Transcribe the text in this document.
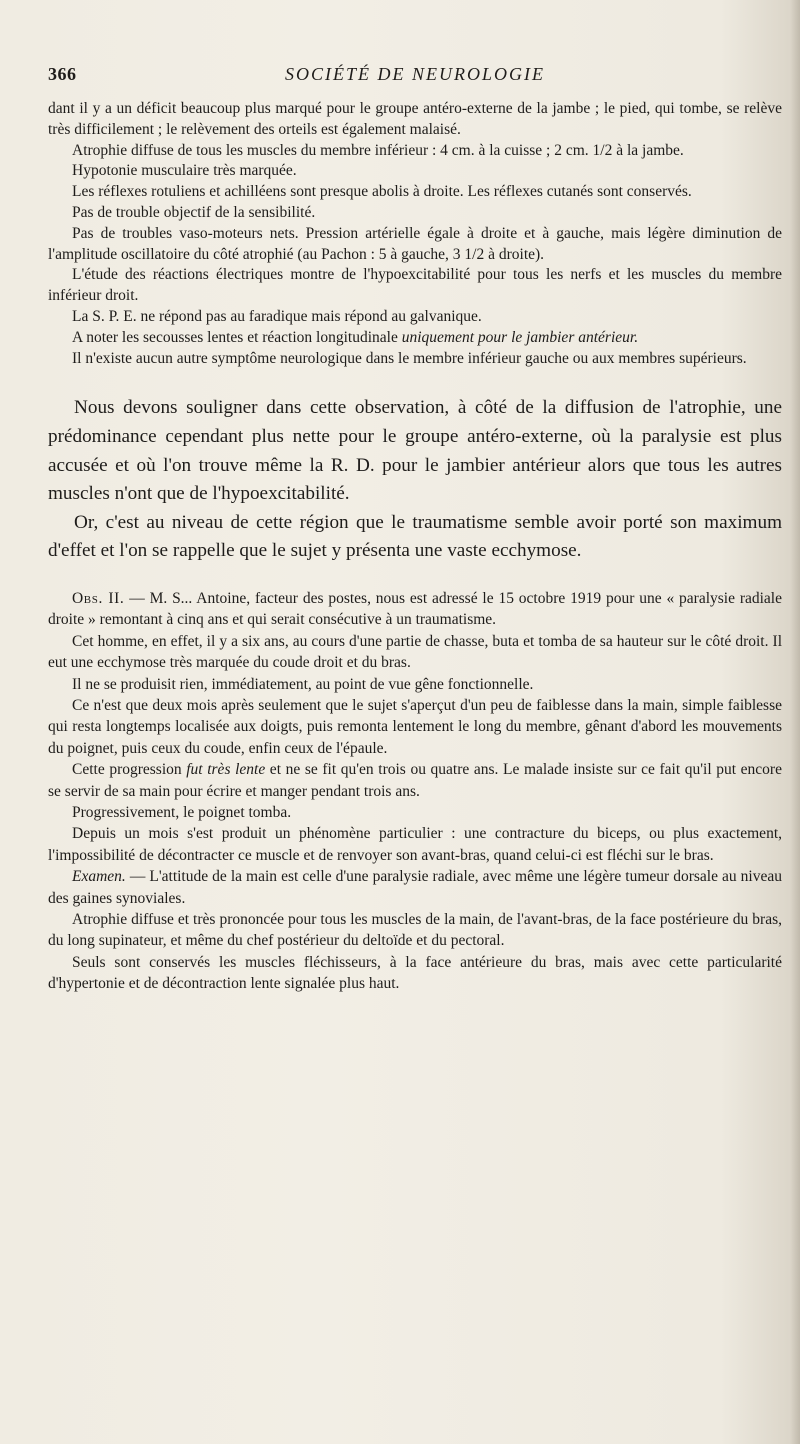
366	SOCIÉTÉ DE NEUROLOGIE

dant il y a un déficit beaucoup plus marqué pour le groupe antéro-externe de la jambe ; le pied, qui tombe, se relève très difficilement ; le relèvement des orteils est également malaisé.

Atrophie diffuse de tous les muscles du membre inférieur : 4 cm. à la cuisse ; 2 cm. 1/2 à la jambe.

Hypotonie musculaire très marquée.

Les réflexes rotuliens et achilléens sont presque abolis à droite. Les réflexes cutanés sont conservés.

Pas de trouble objectif de la sensibilité.

Pas de troubles vaso-moteurs nets. Pression artérielle égale à droite et à gauche, mais légère diminution de l'amplitude oscillatoire du côté atrophié (au Pachon : 5 à gauche, 3 1/2 à droite).

L'étude des réactions électriques montre de l'hypoexcitabilité pour tous les nerfs et les muscles du membre inférieur droit.

La S. P. E. ne répond pas au faradique mais répond au galvanique.

A noter les secousses lentes et réaction longitudinale uniquement pour le jambier antérieur.

Il n'existe aucun autre symptôme neurologique dans le membre inférieur gauche ou aux membres supérieurs.

Nous devons souligner dans cette observation, à côté de la diffusion de l'atrophie, une prédominance cependant plus nette pour le groupe antéro-externe, où la paralysie est plus accusée et où l'on trouve même la R. D. pour le jambier antérieur alors que tous les autres muscles n'ont que de l'hypoexcitabilité.

Or, c'est au niveau de cette région que le traumatisme semble avoir porté son maximum d'effet et l'on se rappelle que le sujet y présenta une vaste ecchymose.

Obs. II. — M. S... Antoine, facteur des postes, nous est adressé le 15 octobre 1919 pour une « paralysie radiale droite » remontant à cinq ans et qui serait consécutive à un traumatisme.

Cet homme, en effet, il y a six ans, au cours d'une partie de chasse, buta et tomba de sa hauteur sur le côté droit. Il eut une ecchymose très marquée du coude droit et du bras.

Il ne se produisit rien, immédiatement, au point de vue gêne fonctionnelle.

Ce n'est que deux mois après seulement que le sujet s'aperçut d'un peu de faiblesse dans la main, simple faiblesse qui resta longtemps localisée aux doigts, puis remonta lentement le long du membre, gênant d'abord les mouvements du poignet, puis ceux du coude, enfin ceux de l'épaule.

Cette progression fut très lente et ne se fit qu'en trois ou quatre ans. Le malade insiste sur ce fait qu'il put encore se servir de sa main pour écrire et manger pendant trois ans.

Progressivement, le poignet tomba.

Depuis un mois s'est produit un phénomène particulier : une contracture du biceps, ou plus exactement, l'impossibilité de décontracter ce muscle et de renvoyer son avant-bras, quand celui-ci est fléchi sur le bras.

Examen. — L'attitude de la main est celle d'une paralysie radiale, avec même une légère tumeur dorsale au niveau des gaines synoviales.

Atrophie diffuse et très prononcée pour tous les muscles de la main, de l'avant-bras, de la face postérieure du bras, du long supinateur, et même du chef postérieur du deltoïde et du pectoral.

Seuls sont conservés les muscles fléchisseurs, à la face antérieure du bras, mais avec cette particularité d'hypertonie et de décontraction lente signalée plus haut.
